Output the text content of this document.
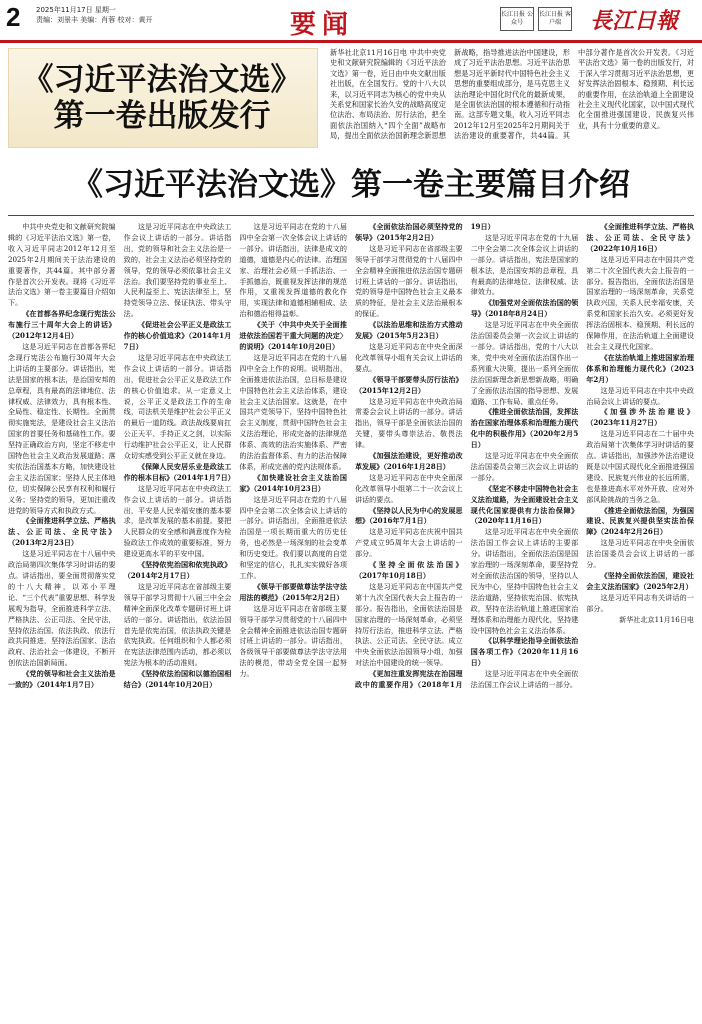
2 2025年11月17日 星期一
责编：刘景丰 美编：肖蓉 校对：黄开	要闻	长江日报 公众号
长江日报 客户端	長江日報
《习近平法治文选》第一卷出版发行
新华社北京11月16日电 中共中央党史和文献研究院编辑的《习近平法治文选》第一卷，近日由中央文献出版社出版，在全国发行。党的十八大以来，以习近平同志为核心的党中央从关系党和国家长治久安的战略高度定位法治、布局法治、厉行法治，把全面依法治国纳入“四个全面”战略布局，提出全面依法治国新理念新思想新战略，指导推进法治中国建设，形成了习近平法治思想。习近平法治思想是习近平新时代中国特色社会主义思想的重要组成部分，是马克思主义法治理论中国化时代化的最新成果，是全面依法治国的根本遵循和行动指南。这部专题文集，收入习近平同志2012年12月至2025年2月期间关于法治建设的重要著作，共44篇。其中部分著作是首次公开发表。《习近平法治文选》第一卷的出版发行，对于深入学习贯彻习近平法治思想，更好发挥法治固根本、稳预期、利长远的重要作用，在法治轨道上全面建设社会主义现代化国家，以中国式现代化全面推进强国建设、民族复兴伟业，具有十分重要的意义。
《习近平法治文选》第一卷主要篇目介绍

中共中央党史和文献研究院编辑的《习近平法治文选》第一卷，收入习近平同志2012年12月至2025年2月期间关于法治建设的重要著作，共44篇。其中部分著作是首次公开发表。现将《习近平法治文选》第一卷主要篇目介绍如下。

《在首都各界纪念现行宪法公布施行三十周年大会上的讲话》（2012年12月4日）

这是习近平同志在首都各界纪念现行宪法公布施行30周年大会上讲话的主要部分。讲话指出，宪法是国家的根本法，是治国安邦的总章程，具有最高的法律地位、法律权威、法律效力，具有根本性、全局性、稳定性、长期性。全面贯彻实施宪法，是建设社会主义法治国家的首要任务和基础性工作。要坚持正确政治方向，坚定不移走中国特色社会主义政治发展道路；落实依法治国基本方略，加快建设社会主义法治国家；坚持人民主体地位，切实保障公民享有权利和履行义务；坚持党的领导，更加注重改进党的领导方式和执政方式。

《全面推进科学立法、严格执法、公正司法、全民守法》（2013年2月23日）

这是习近平同志在十八届中央政治局第四次集体学习时讲话的要点。讲话指出，要全面贯彻落实党的十八大精神，以邓小平理论、“三个代表”重要思想、科学发展观为指导，全面推进科学立法、严格执法、公正司法、全民守法，坚持依法治国、依法执政、依法行政共同推进，坚持法治国家、法治政府、法治社会一体建设，不断开创依法治国新局面。

《党的领导和社会主义法治是一致的》（2014年1月7日）

这是习近平同志在中央政法工作会议上讲话的一部分。讲话指出，党的领导和社会主义法治是一致的，社会主义法治必须坚持党的领导，党的领导必须依靠社会主义法治。我们要坚持党的事业至上、人民利益至上、宪法法律至上，坚持党领导立法、保证执法、带头守法。

《促进社会公平正义是政法工作的核心价值追求》（2014年1月7日）

这是习近平同志在中央政法工作会议上讲话的一部分。讲话指出，促进社会公平正义是政法工作的核心价值追求。从一定意义上说，公平正义是政法工作的生命线，司法机关是维护社会公平正义的最后一道防线。政法战线要肩扛公正天平、手持正义之剑，以实际行动维护社会公平正义，让人民群众切实感受到公平正义就在身边。

《保障人民安居乐业是政法工作的根本目标》（2014年1月7日）

这是习近平同志在中央政法工作会议上讲话的一部分。讲话指出，平安是人民幸福安康的基本要求，是改革发展的基本前提。要把人民群众的安全感和满意度作为检验政法工作成效的重要标准，努力建设更高水平的平安中国。

《坚持依宪治国和依宪执政》（2014年2月17日）

这是习近平同志在省部级主要领导干部学习贯彻十八届三中全会精神全面深化改革专题研讨班上讲话的一部分。讲话指出，依法治国首先是依宪治国，依法执政关键是依宪执政。任何组织和个人都必须在宪法法律范围内活动，都必须以宪法为根本的活动准则。

《坚持依法治国和以德治国相结合》（2014年10月20日）

这是习近平同志在党的十八届四中全会第一次全体会议上讲话的一部分。讲话指出，法律是成文的道德，道德是内心的法律。治理国家、治理社会必须一手抓法治、一手抓德治，既重视发挥法律的规范作用，又重视发挥道德的教化作用，实现法律和道德相辅相成、法治和德治相得益彰。

《关于〈中共中央关于全面推进依法治国若干重大问题的决定〉的说明》（2014年10月20日）

这是习近平同志在党的十八届四中全会上作的说明。说明指出，全面推进依法治国，总目标是建设中国特色社会主义法治体系，建设社会主义法治国家。这就是，在中国共产党领导下，坚持中国特色社会主义制度，贯彻中国特色社会主义法治理论，形成完备的法律规范体系、高效的法治实施体系、严密的法治监督体系、有力的法治保障体系，形成完善的党内法规体系。

《加快建设社会主义法治国家》（2014年10月23日）

这是习近平同志在党的十八届四中全会第二次全体会议上讲话的一部分。讲话指出，全面推进依法治国是一项长期而重大的历史任务，也必然是一场深刻的社会变革和历史变迁。我们要以高度的自觉和坚定的信心，扎扎实实做好各项工作。

《领导干部要做尊法学法守法用法的模范》（2015年2月2日）

这是习近平同志在省部级主要领导干部学习贯彻党的十八届四中全会精神全面推进依法治国专题研讨班上讲话的一部分。讲话指出，各级领导干部要做尊法学法守法用法的模范，带动全党全国一起努力。

《全面依法治国必须坚持党的领导》（2015年2月2日）

这是习近平同志在省部级主要领导干部学习贯彻党的十八届四中全会精神全面推进依法治国专题研讨班上讲话的一部分。讲话指出，党的领导是中国特色社会主义最本质的特征，是社会主义法治最根本的保证。

《以法治思维和法治方式推动发展》（2015年5月23日）

这是习近平同志在中央全面深化改革领导小组有关会议上讲话的要点。

《领导干部要带头厉行法治》（2015年12月2日）

这是习近平同志在中央政治局常委会会议上讲话的一部分。讲话指出，领导干部是全面依法治国的关键，要带头尊崇法治、敬畏法律。

《加强法治建设，更好推动改革发展》（2016年1月28日）

这是习近平同志在中央全面深化改革领导小组第二十一次会议上讲话的要点。

《坚持以人民为中心的发展思想》（2016年7月1日）

这是习近平同志在庆祝中国共产党成立95周年大会上讲话的一部分。

《坚持全面依法治国》（2017年10月18日）

这是习近平同志在中国共产党第十九次全国代表大会上报告的一部分。报告指出，全面依法治国是国家治理的一场深刻革命，必须坚持厉行法治，推进科学立法、严格执法、公正司法、全民守法。成立中央全面依法治国领导小组，加强对法治中国建设的统一领导。

《更加注重发挥宪法在治国理政中的重要作用》（2018年1月19日）

这是习近平同志在党的十九届二中全会第二次全体会议上讲话的一部分。讲话指出，宪法是国家的根本法，是治国安邦的总章程，具有最高的法律地位、法律权威、法律效力。

《加强党对全面依法治国的领导》（2018年8月24日）

这是习近平同志在中央全面依法治国委员会第一次会议上讲话的一部分。讲话指出，党的十八大以来，党中央对全面依法治国作出一系列重大决策，提出一系列全面依法治国新理念新思想新战略，明确了全面依法治国的指导思想、发展道路、工作布局、重点任务。

《推进全面依法治国，发挥法治在国家治理体系和治理能力现代化中的积极作用》（2020年2月5日）

这是习近平同志在中央全面依法治国委员会第三次会议上讲话的一部分。

《坚定不移走中国特色社会主义法治道路，为全面建设社会主义现代化国家提供有力法治保障》（2020年11月16日）

这是习近平同志在中央全面依法治国工作会议上讲话的主要部分。讲话指出，全面依法治国是国家治理的一场深刻革命，要坚持党对全面依法治国的领导，坚持以人民为中心，坚持中国特色社会主义法治道路，坚持依宪治国、依宪执政，坚持在法治轨道上推进国家治理体系和治理能力现代化，坚持建设中国特色社会主义法治体系。

《以科学理论指导全面依法治国各项工作》（2020年11月16日）

这是习近平同志在中央全面依法治国工作会议上讲话的一部分。

《全面推进科学立法、严格执法、公正司法、全民守法》（2022年10月16日）

这是习近平同志在中国共产党第二十次全国代表大会上报告的一部分。报告指出，全面依法治国是国家治理的一场深刻革命，关系党执政兴国，关系人民幸福安康，关系党和国家长治久安。必须更好发挥法治固根本、稳预期、利长远的保障作用，在法治轨道上全面建设社会主义现代化国家。

《在法治轨道上推进国家治理体系和治理能力现代化》（2023年2月）

这是习近平同志在中共中央政治局会议上讲话的要点。

《加强涉外法治建设》（2023年11月27日）

这是习近平同志在二十届中央政治局第十次集体学习时讲话的要点。讲话指出，加强涉外法治建设既是以中国式现代化全面推进强国建设、民族复兴伟业的长远所需，也是推进高水平对外开放、应对外部风险挑战的当务之急。

《推进全面依法治国，为强国建设、民族复兴提供坚实法治保障》（2024年2月26日）

这是习近平同志在中央全面依法治国委员会会议上讲话的一部分。

《坚持全面依法治国，建设社会主义法治国家》（2025年2月）

这是习近平同志有关讲话的一部分。

新华社北京11月16日电
